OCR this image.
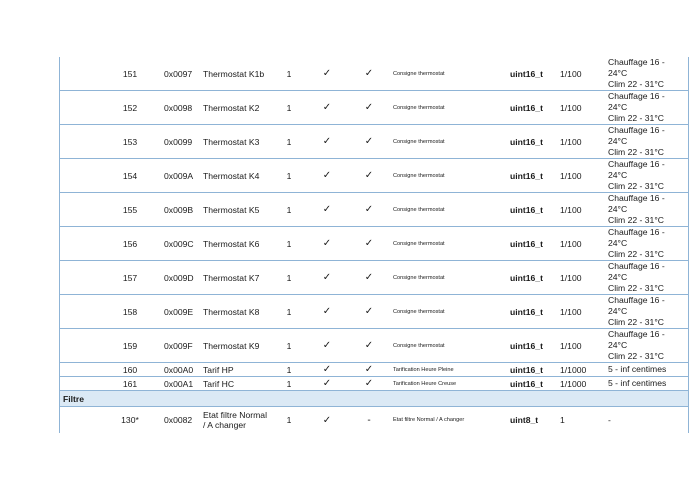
151	0x0097 Thermostat K1b	1	✓	✓	Consigne thermostat	uint16_t 1/100
Chauffage 16 -
24°C
Clim 22 - 31°C
152	0x0098 Thermostat K2	1	✓	✓	Consigne thermostat	uint16_t 1/100
Chauffage 16 -
24°C
Clim 22 - 31°C
153	0x0099 Thermostat K3	1	✓	✓	Consigne thermostat	uint16_t 1/100
Chauffage 16 -
24°C
Clim 22 - 31°C
154	0x009A Thermostat K4	1	✓	✓	Consigne thermostat	uint16_t 1/100
Chauffage 16 -
24°C
Clim 22 - 31°C
155	0x009B Thermostat K5	1	✓	✓	Consigne thermostat	uint16_t 1/100
Chauffage 16 -
24°C
Clim 22 - 31°C
156	0x009C Thermostat K6	1	✓	✓	Consigne thermostat	uint16_t 1/100
Chauffage 16 -
24°C
Clim 22 - 31°C
157	0x009D Thermostat K7	1	✓	✓	Consigne thermostat	uint16_t 1/100
Chauffage 16 -
24°C
Clim 22 - 31°C
158	0x009E Thermostat K8	1	✓	✓	Consigne thermostat	uint16_t 1/100
Chauffage 16 -
24°C
Clim 22 - 31°C
159	0x009F Thermostat K9	1	✓	✓	Consigne thermostat	uint16_t 1/100
Chauffage 16 -
24°C
Clim 22 - 31°C
160	0x00A0 Tarif HP	1	✓	✓	Tarification Heure Pleine	uint16_t 1/1000	5 - inf centimes
161	0x00A1 Tarif HC	1	✓	✓	Tarification Heure Creuse	uint16_t 1/1000	5 - inf centimes
Filtre
130*	0x0082 Etat filtre Normal
/ A changer	1	✓	-	Etat filtre Normal / A changer	uint8_t	1	-
